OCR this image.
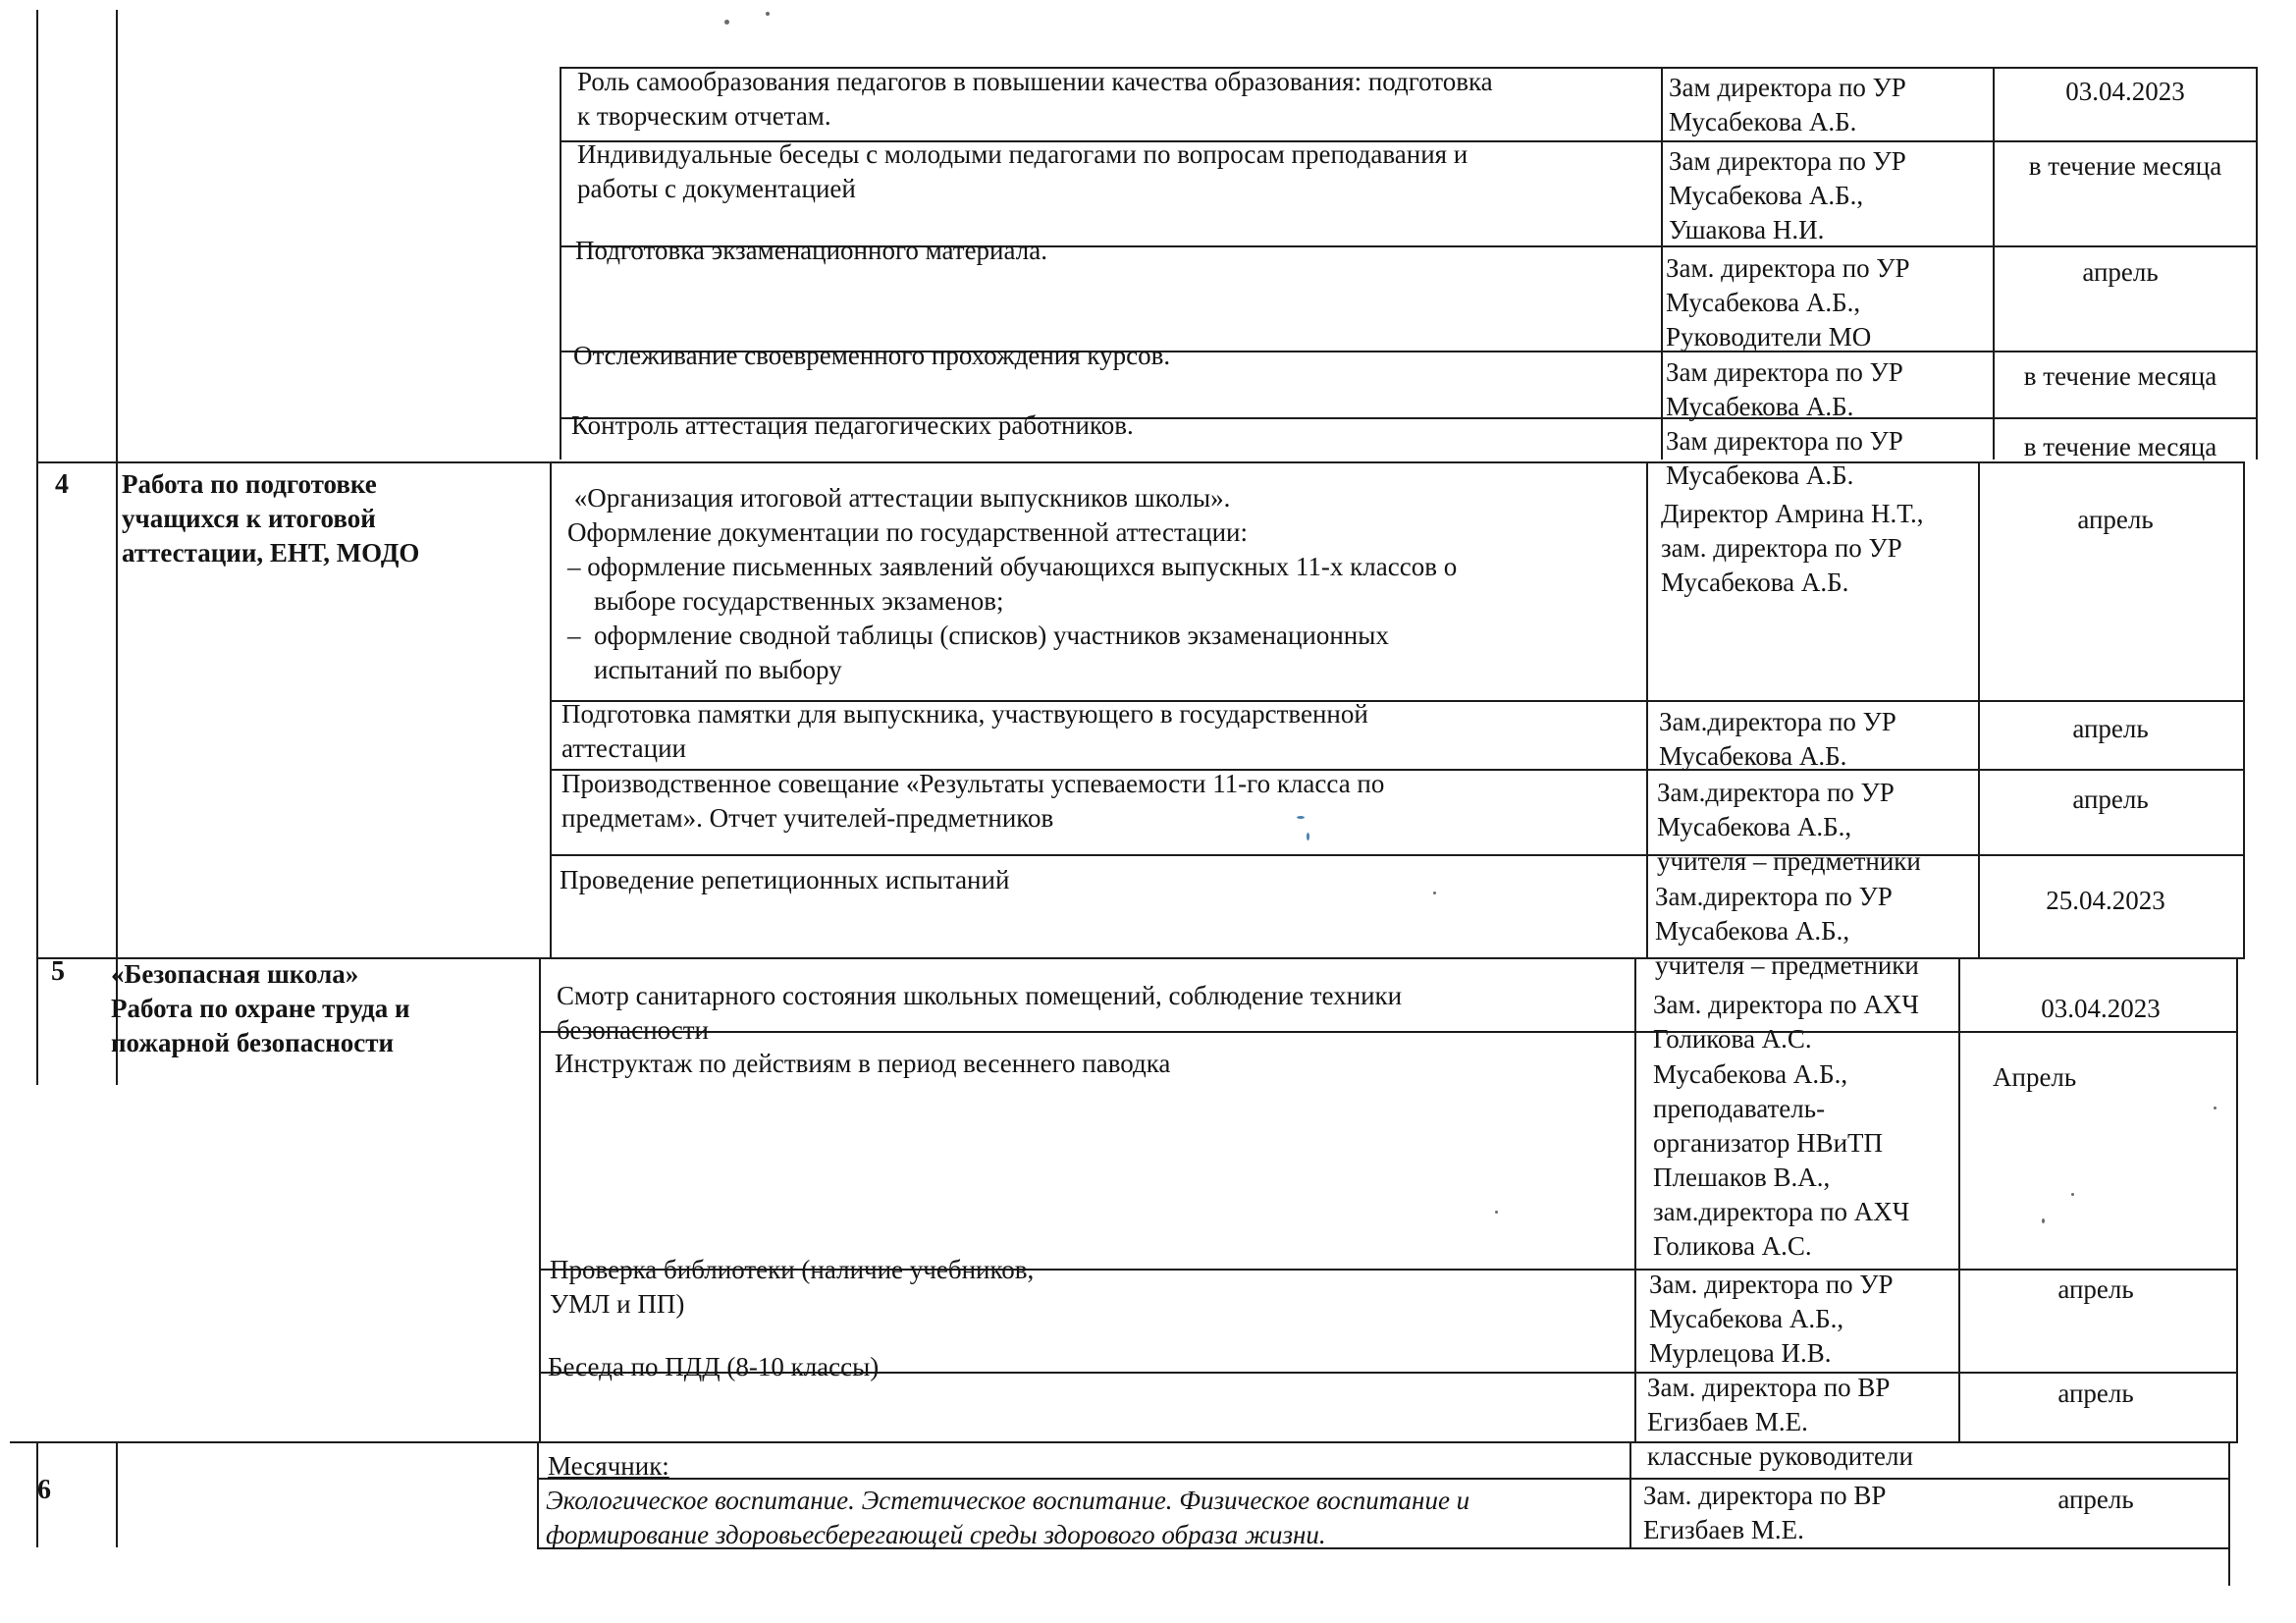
Роль самообразования педагогов в повышении качества образования: подготовка
к творческим отчетам.
Зам директора по УР
Мусабекова А.Б.
03.04.2023
Индивидуальные беседы с молодыми педагогами по вопросам преподавания и
работы с документацией
Зам директора по УР
Мусабекова А.Б.,
Ушакова Н.И.
в течение месяца
Подготовка экзаменационного материала.
Зам. директора по УР
Мусабекова А.Б.,
Руководители МО
апрель
Отслеживание своевременного прохождения курсов.
Зам директора по УР
Мусабекова А.Б.
в течение месяца
Контроль аттестация педагогических работников.
Зам директора по УР
Мусабекова А.Б.
в течение месяца
4 Работа по подготовке
учащихся к итоговой
аттестации, ЕНТ, МОДО
«Организация итоговой аттестации выпускников школы».
Оформление документации по государственной аттестации:
– оформление письменных заявлений обучающихся выпускных 11-х классов о
выборе государственных экзаменов;
–  оформление сводной таблицы (списков) участников экзаменационных
испытаний по выбору
Директор Амрина Н.Т.,
зам. директора по УР
Мусабекова А.Б.
апрель
Подготовка памятки для выпускника, участвующего в государственной
аттестации
Зам.директора по УР
Мусабекова А.Б.
апрель
Производственное совещание «Результаты успеваемости 11-го класса по
предметам». Отчет учителей-предметников
Зам.директора по УР
Мусабекова А.Б.,
учителя – предметники
апрель
Проведение репетиционных испытаний
Зам.директора по УР
Мусабекова А.Б.,
учителя – предметники
25.04.2023
5 «Безопасная школа»
Работа по охране труда и
пожарной безопасности
Смотр санитарного состояния школьных помещений, соблюдение техники
безопасности
Зам. директора по АХЧ
Голикова А.С.
03.04.2023
Инструктаж по действиям в период весеннего паводка	Мусабекова А.Б.,
преподаватель-
организатор НВиТП
Плешаков В.А.,
зам.директора по АХЧ
Голикова А.С.
Апрель
Проверка библиотеки (наличие учебников,
УМЛ и ПП)
Зам. директора по УР
Мусабекова А.Б.,
Мурлецова И.В.
апрель
Беседа по ПДД (8-10 классы)
Зам. директора по ВР
Егизбаев М.Е.
классные руководители
апрель
6
Месячник:
Экологическое воспитание. Эстетическое воспитание. Физическое воспитание и
формирование здоровьесберегающей среды здорового образа жизни.
Зам. директора по ВР
Егизбаев М.Е.
апрель
